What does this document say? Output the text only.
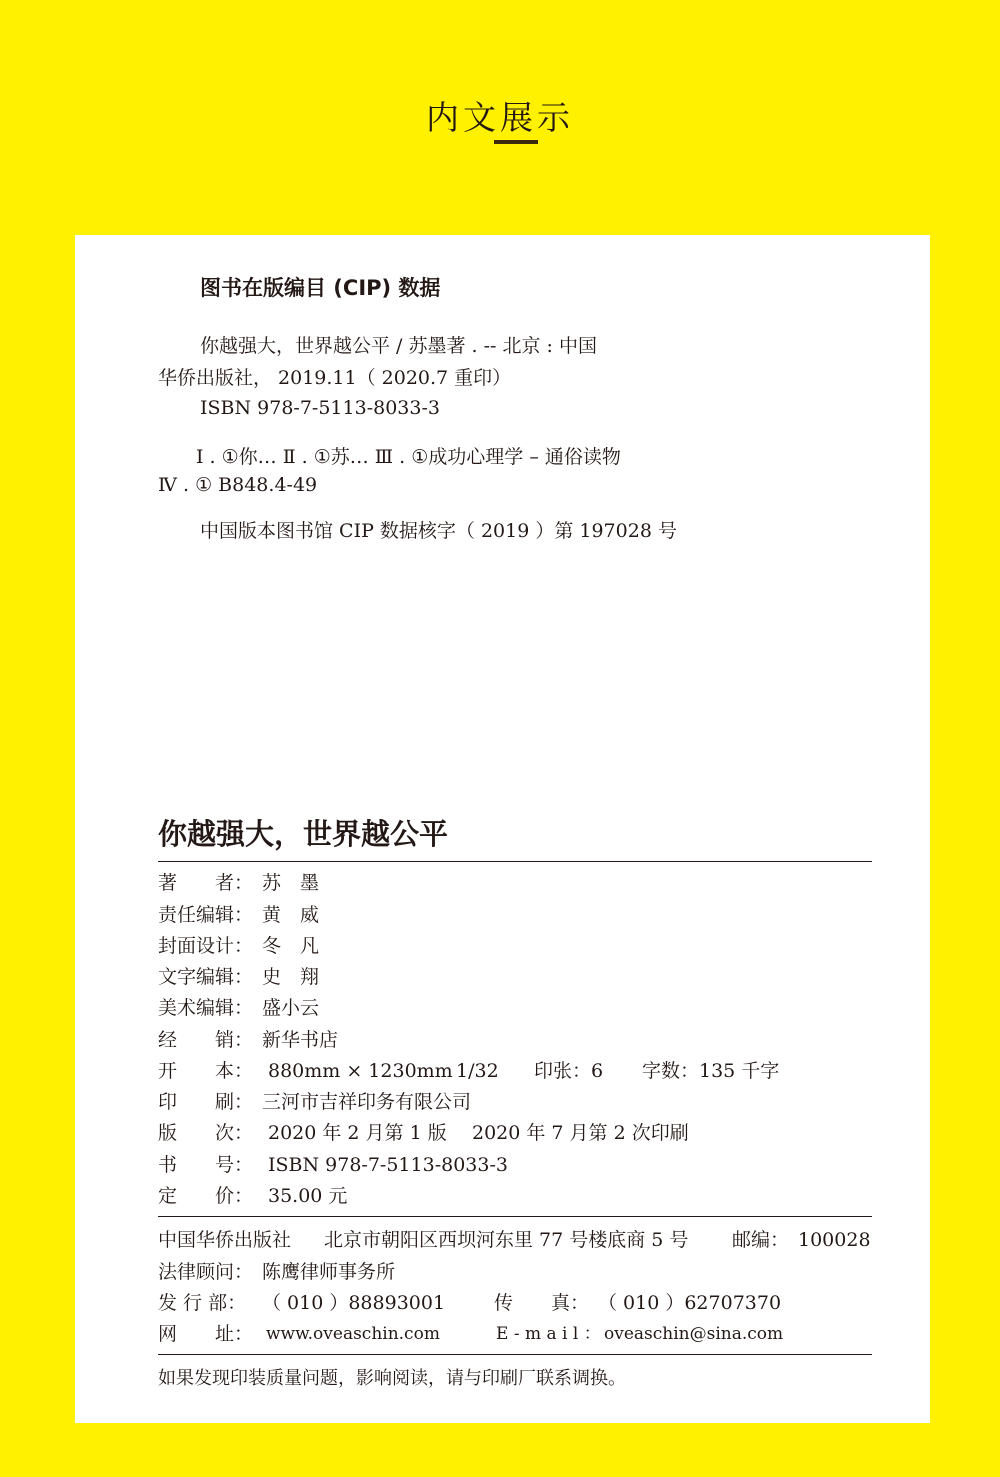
内文展示
图书在版编目 (CIP) 数据
你越强大，世界越公平 / 苏墨著 . -- 北京 : 中国
华侨出版社， 2019.11（ 2020.7 重印）
ISBN 978-7-5113-8033-3
Ⅰ . ①你… Ⅱ . ①苏… Ⅲ . ①成功心理学 – 通俗读物
Ⅳ . ① B848.4-49
中国版本图书馆 CIP 数据核字（ 2019 ）第 197028 号
你越强大，世界越公平
著　　者： 苏　墨
责任编辑： 黄　威
封面设计： 冬　凡
文字编辑： 史　翔
美术编辑： 盛小云
经　　销： 新华书店
开　　本： 880mm × 1230mm 1/32 印张：6 字数：135 千字
印　　刷： 三河市吉祥印务有限公司
版　　次： 2020 年 2 月第 1 版 2020 年 7 月第 2 次印刷
书　　号： ISBN 978-7-5113-8033-3
定　　价： 35.00 元
中国华侨出版社 北京市朝阳区西坝河东里 77 号楼底商 5 号 邮编： 100028
法律顾问： 陈鹰律师事务所
发 行 部： （ 010 ）88893001	传　　真： （ 010 ）62707370
网　　址： www.oveaschin.com	E - m a i l ： oveaschin@sina.com
如果发现印装质量问题，影响阅读，请与印刷厂联系调换。
